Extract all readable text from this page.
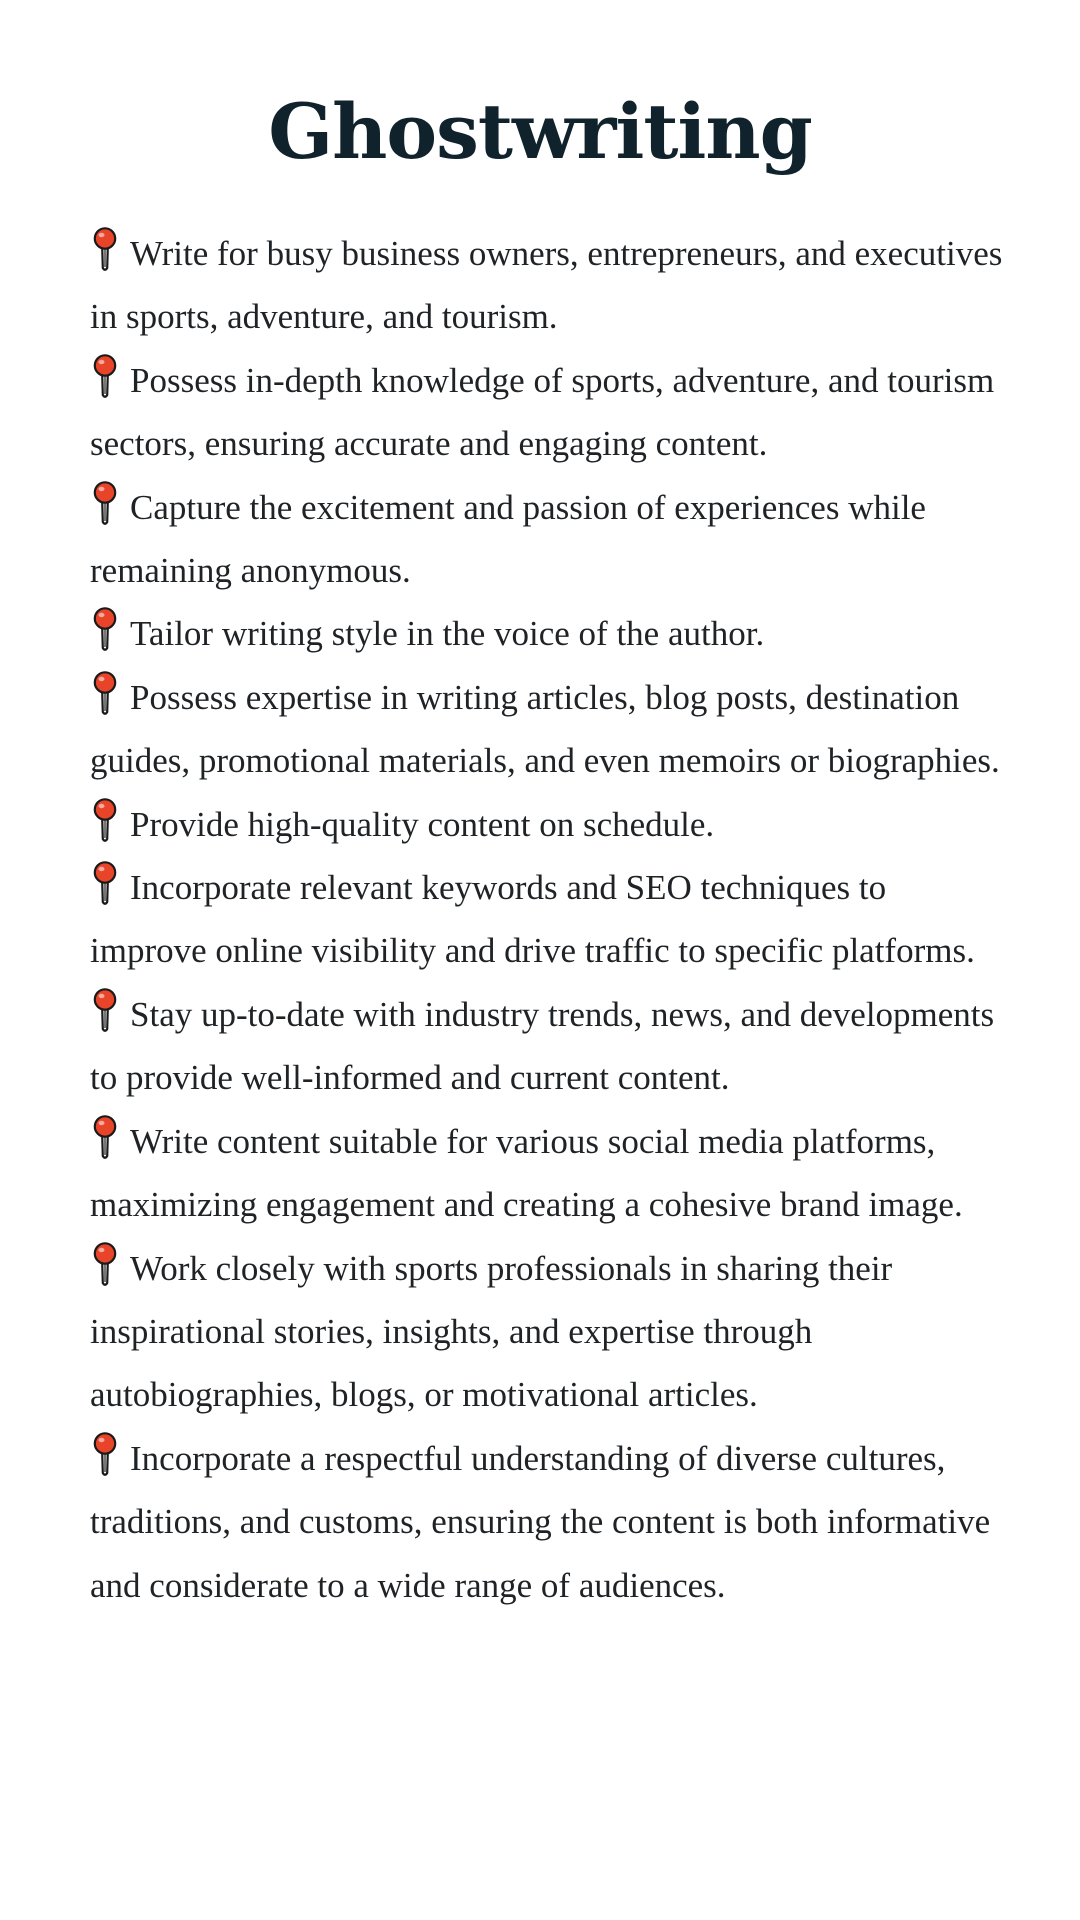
Ghostwriting
Write for busy business owners, entrepreneurs, and executives in sports, adventure, and tourism.
Possess in-depth knowledge of sports, adventure, and tourism sectors, ensuring accurate and engaging content.
Capture the excitement and passion of experiences while remaining anonymous.
Tailor writing style in the voice of the author.
Possess expertise in writing articles, blog posts, destination guides, promotional materials, and even memoirs or biographies.
Provide high-quality content on schedule.
Incorporate relevant keywords and SEO techniques to improve online visibility and drive traffic to specific platforms.
Stay up-to-date with industry trends, news, and developments to provide well-informed and current content.
Write content suitable for various social media platforms, maximizing engagement and creating a cohesive brand image.
Work closely with sports professionals in sharing their inspirational stories, insights, and expertise through autobiographies, blogs, or motivational articles.
Incorporate a respectful understanding of diverse cultures, traditions, and customs, ensuring the content is both informative and considerate to a wide range of audiences.
